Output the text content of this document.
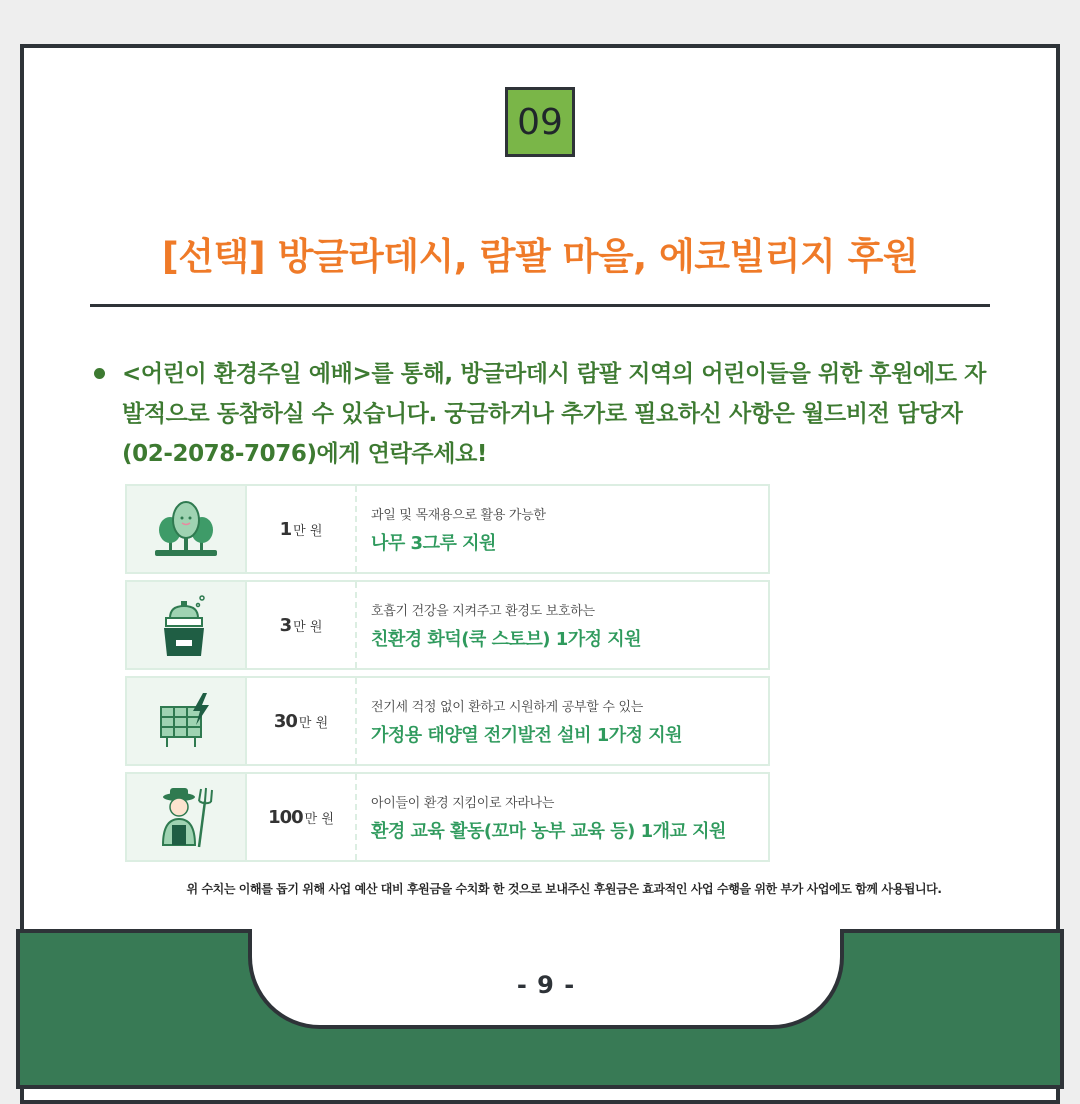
- 9 -
09
[선택] 방글라데시, 람팔 마을, 에코빌리지 후원
<어린이 환경주일 예배>를 통해, 방글라데시 람팔 지역의 어린이들을 위한 후원에도 자발적으로 동참하실 수 있습니다. 궁금하거나 추가로 필요하신 사항은 월드비전 담당자(02-2078-7076)에게 연락주세요!
1 만 원
과일 및 목재용으로 활용 가능한
나무 3그루 지원
3 만 원
호흡기 건강을 지켜주고 환경도 보호하는
친환경 화덕(쿡 스토브) 1가정 지원
30 만 원
전기세 걱정 없이 환하고 시원하게 공부할 수 있는
가정용 태양열 전기발전 설비 1가정 지원
100 만 원
아이들이 환경 지킴이로 자라나는
환경 교육 활동(꼬마 농부 교육 등) 1개교 지원
위 수치는 이해를 돕기 위해 사업 예산 대비 후원금을 수치화 한 것으로 보내주신 후원금은 효과적인 사업 수행을 위한 부가 사업에도 함께 사용됩니다.
